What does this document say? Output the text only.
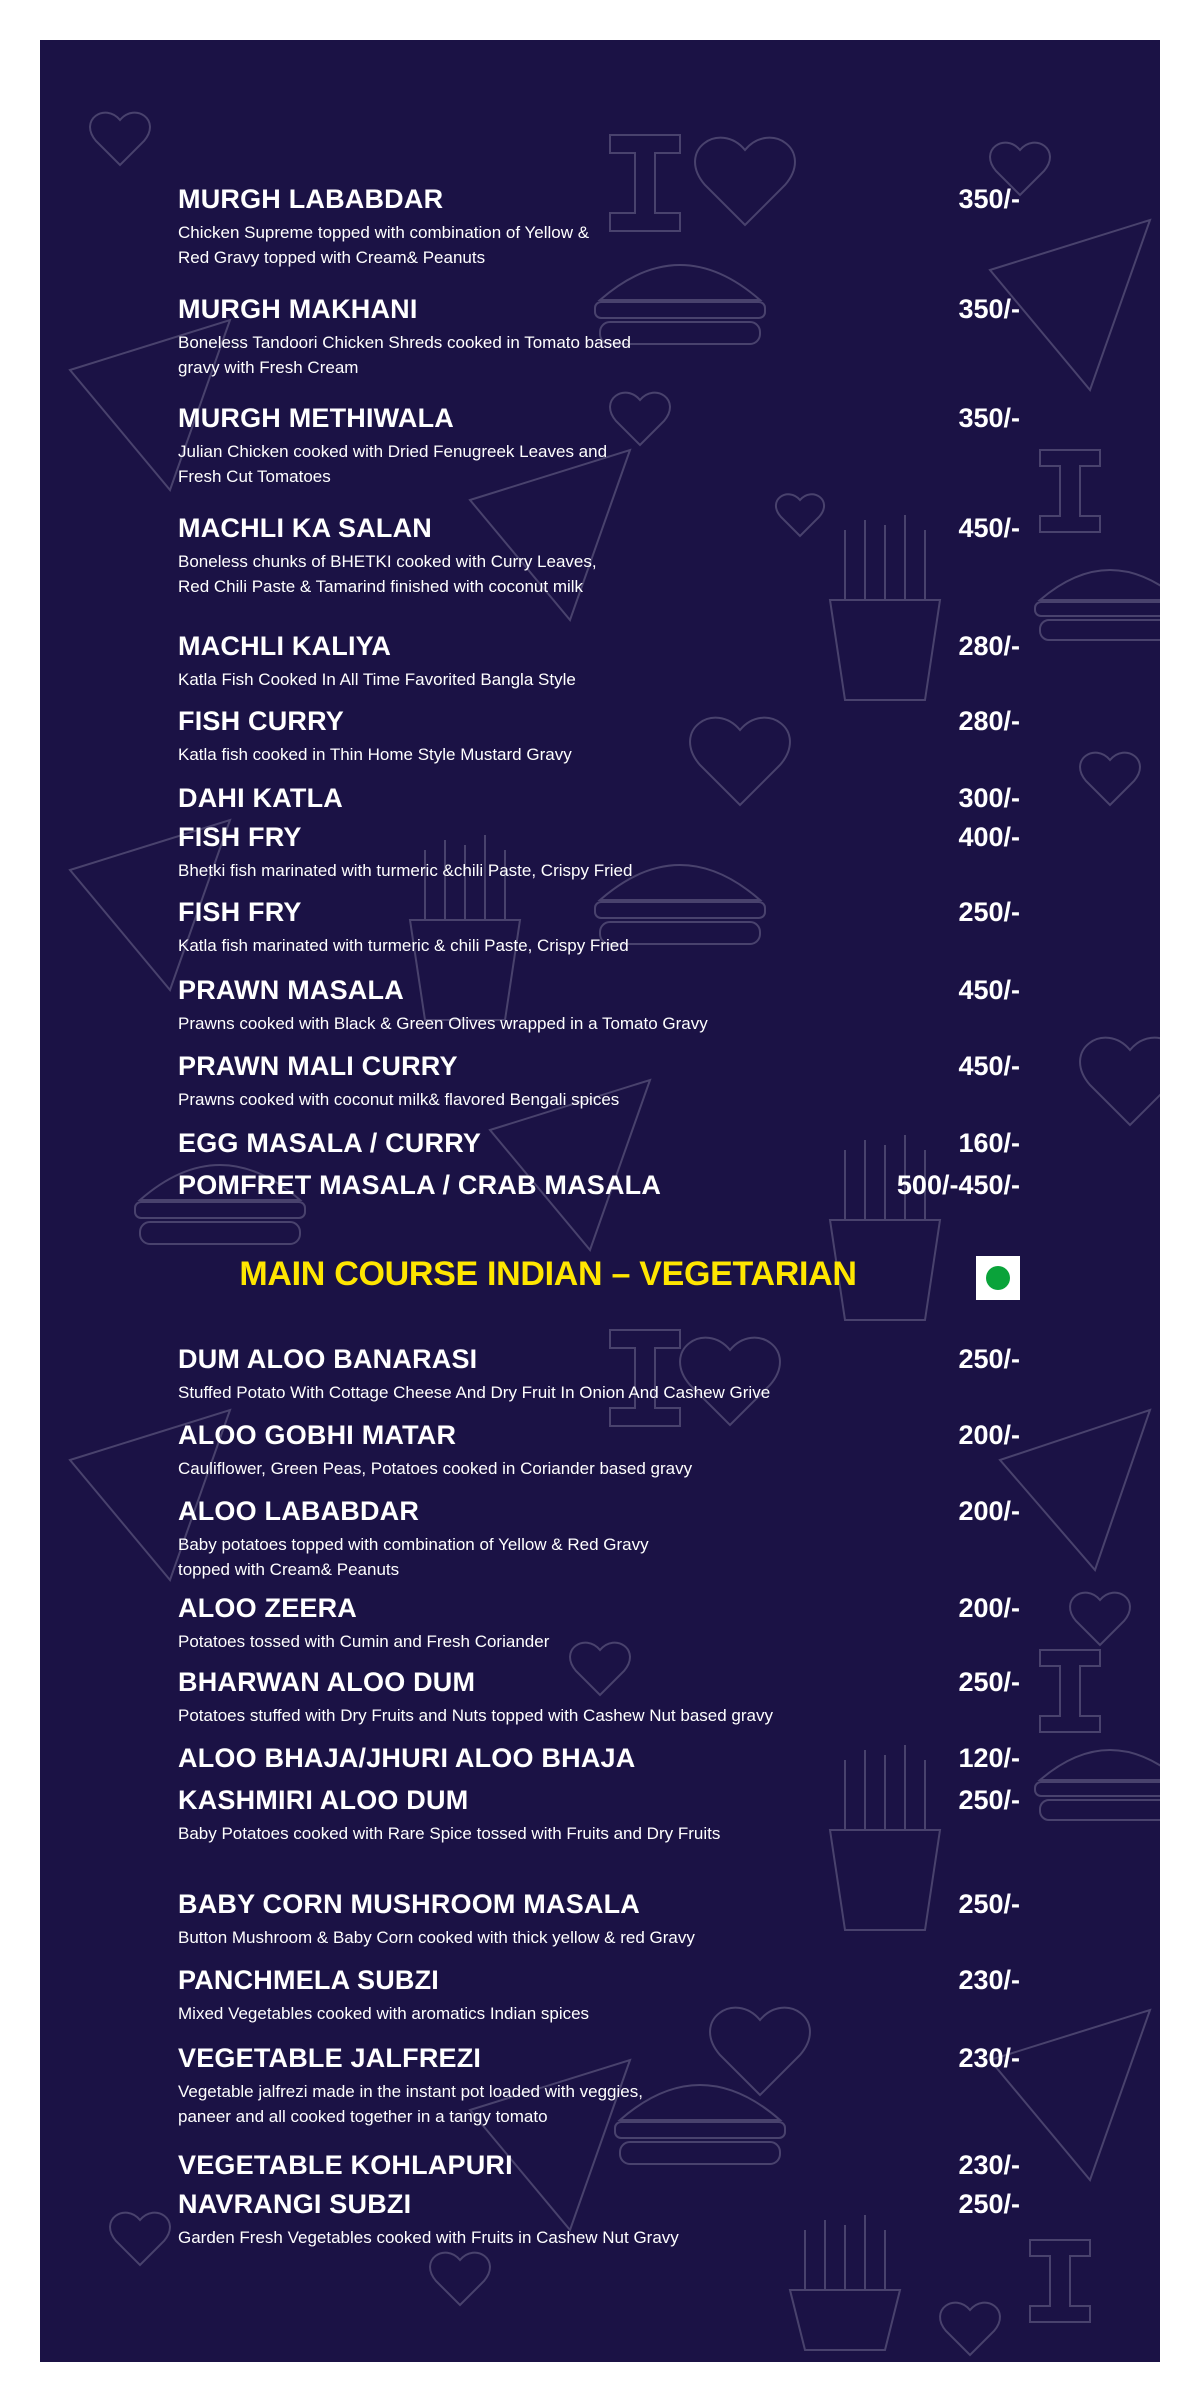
MURGH LABABDAR	350/-
Chicken Supreme topped with combination of Yellow &
Red Gravy topped with Cream& Peanuts
MURGH MAKHANI	350/-
Boneless Tandoori Chicken Shreds cooked in Tomato based
gravy with Fresh Cream
MURGH METHIWALA	350/-
Julian Chicken cooked with Dried Fenugreek Leaves and
Fresh Cut Tomatoes
MACHLI KA SALAN	450/-
Boneless chunks of BHETKI cooked with Curry Leaves,
Red Chili Paste & Tamarind finished with coconut milk
MACHLI KALIYA	280/-
Katla Fish Cooked In All Time Favorited Bangla Style
FISH CURRY	280/-
Katla fish cooked in Thin Home Style Mustard Gravy
DAHI KATLA	300/-
FISH FRY	400/-
Bhetki fish marinated with turmeric &chili Paste, Crispy Fried
FISH FRY	250/-
Katla fish marinated with turmeric & chili Paste, Crispy Fried
PRAWN MASALA	450/-
Prawns cooked with Black & Green Olives wrapped in a Tomato Gravy
PRAWN MALI CURRY	450/-
Prawns cooked with coconut milk& flavored Bengali spices
EGG MASALA / CURRY	160/-
POMFRET MASALA / CRAB MASALA	500/-450/-
MAIN COURSE INDIAN – VEGETARIAN
DUM ALOO BANARASI	250/-
Stuffed Potato With Cottage Cheese And Dry Fruit In Onion And Cashew Grive
ALOO GOBHI MATAR	200/-
Cauliflower, Green Peas, Potatoes cooked in Coriander based gravy
ALOO LABABDAR	200/-
Baby potatoes topped with combination of Yellow & Red Gravy
topped with Cream& Peanuts
ALOO ZEERA	200/-
Potatoes tossed with Cumin and Fresh Coriander
BHARWAN ALOO DUM	250/-
Potatoes stuffed with Dry Fruits and Nuts topped with Cashew Nut based gravy
ALOO BHAJA/JHURI ALOO BHAJA	120/-
KASHMIRI ALOO DUM	250/-
Baby Potatoes cooked with Rare Spice tossed with Fruits and Dry Fruits
BABY CORN MUSHROOM MASALA	250/-
Button Mushroom & Baby Corn cooked with thick yellow & red Gravy
PANCHMELA SUBZI	230/-
Mixed Vegetables cooked with aromatics Indian spices
VEGETABLE JALFREZI	230/-
Vegetable jalfrezi made in the instant pot loaded with veggies,
paneer and all cooked together in a tangy tomato
VEGETABLE KOHLAPURI	230/-
NAVRANGI SUBZI	250/-
Garden Fresh Vegetables cooked with Fruits in Cashew Nut Gravy
